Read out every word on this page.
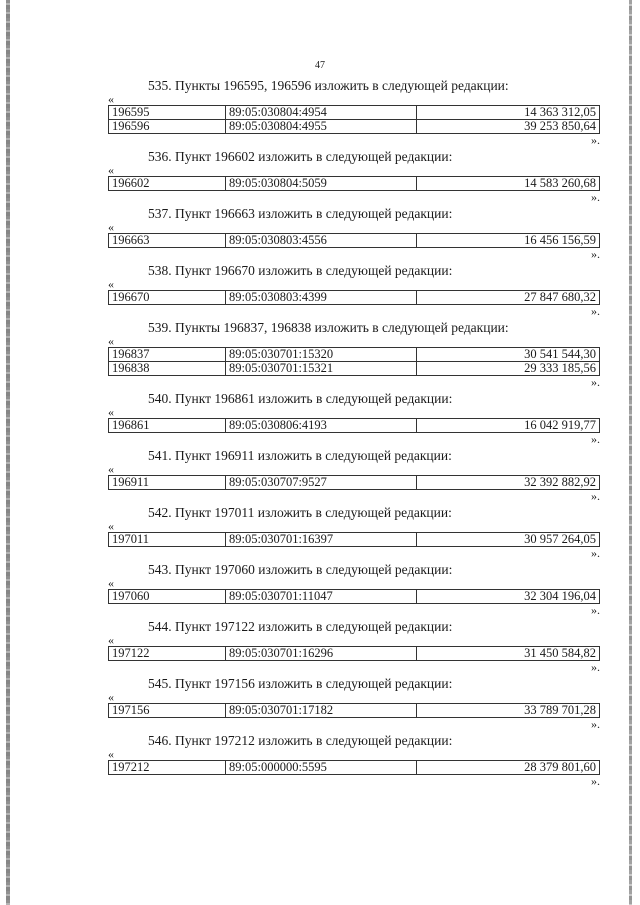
47
535. Пункты 196595, 196596 изложить в следующей редакции:
«
196595	89:05:030804:4954	14 363 312,05
196596	89:05:030804:4955	39 253 850,64
».
536. Пункт 196602 изложить в следующей редакции:
«
196602	89:05:030804:5059	14 583 260,68
».
537. Пункт 196663 изложить в следующей редакции:
«
196663	89:05:030803:4556	16 456 156,59
».
538. Пункт 196670 изложить в следующей редакции:
«
196670	89:05:030803:4399	27 847 680,32
».
539. Пункты 196837, 196838 изложить в следующей редакции:
«
196837	89:05:030701:15320	30 541 544,30
196838	89:05:030701:15321	29 333 185,56
».
540. Пункт 196861 изложить в следующей редакции:
«
196861	89:05:030806:4193	16 042 919,77
».
541. Пункт 196911 изложить в следующей редакции:
«
196911	89:05:030707:9527	32 392 882,92
».
542. Пункт 197011 изложить в следующей редакции:
«
197011	89:05:030701:16397	30 957 264,05
».
543. Пункт 197060 изложить в следующей редакции:
«
197060	89:05:030701:11047	32 304 196,04
».
544. Пункт 197122 изложить в следующей редакции:
«
197122	89:05:030701:16296	31 450 584,82
».
545. Пункт 197156 изложить в следующей редакции:
«
197156	89:05:030701:17182	33 789 701,28
».
546. Пункт 197212 изложить в следующей редакции:
«
197212	89:05:000000:5595	28 379 801,60
».
